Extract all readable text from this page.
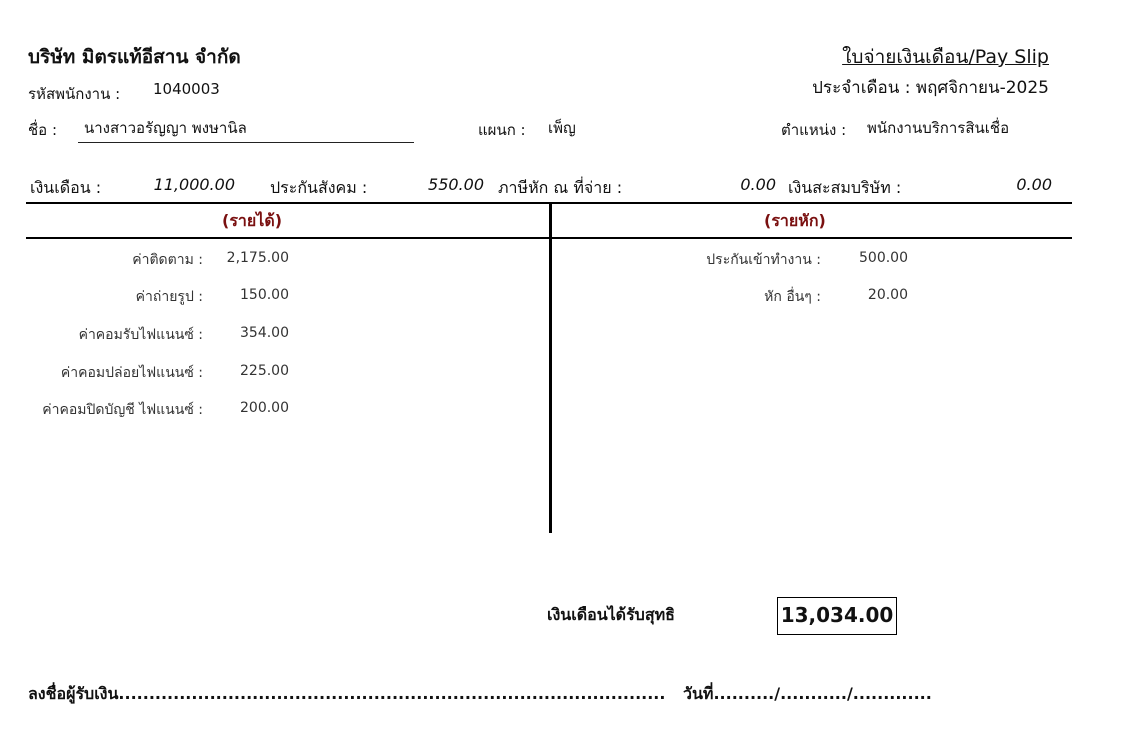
บริษัท มิตรแท้อีสาน จำกัด	ใบจ่ายเงินเดือน/Pay Slip
ประจำเดือน : พฤศจิกายน-2025
รหัสพนักงาน : 1040003
ชื่อ : นางสาวอรัญญา พงษานิล	แผนก : เพ็ญ	ตำแหน่ง : พนักงานบริการสินเชื่อ
เงินเดือน :	11,000.00 ประกันสังคม :	550.00 ภาษีหัก ณ ที่จ่าย :	0.00 เงินสะสมบริษัท :	0.00
(รายได้)	(รายหัก)
ค่าติดตาม :	2,175.00
ค่าถ่ายรูป :	150.00
ค่าคอมรับไฟแนนซ์ :	354.00
ค่าคอมปล่อยไฟแนนซ์ :	225.00
ค่าคอมปิดบัญชี ไฟแนนซ์ :	200.00
ประกันเข้าทำงาน :	500.00
หัก อื่นๆ :	20.00
เงินเดือนได้รับสุทธิ	13,034.00
ลงชื่อผู้รับเงิน.......................................................................................... วันที่........../.........../.............
